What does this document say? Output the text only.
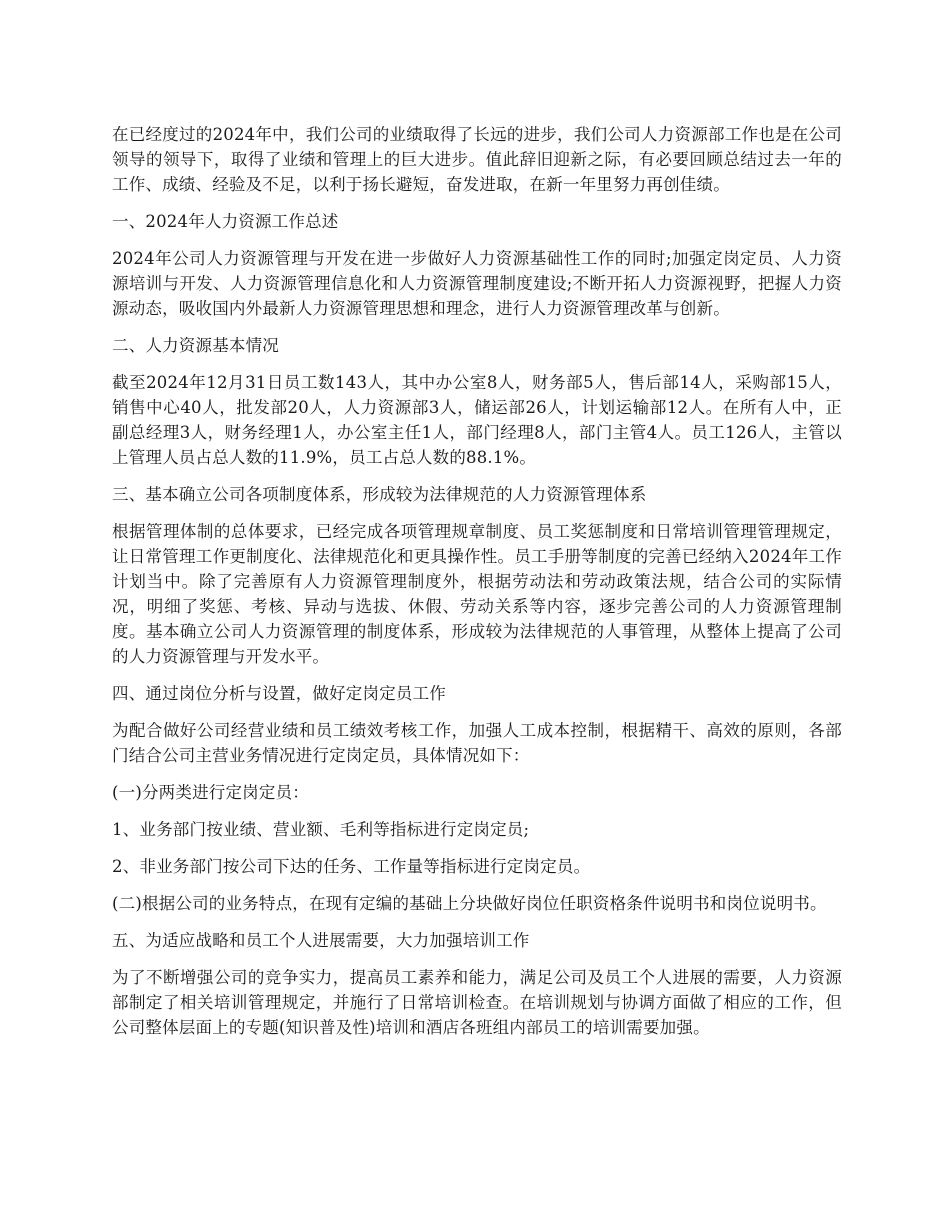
在已经度过的2024年中，我们公司的业绩取得了长远的进步，我们公司人力资源部工作也是在公司领导的领导下，取得了业绩和管理上的巨大进步。值此辞旧迎新之际，有必要回顾总结过去一年的工作、成绩、经验及不足，以利于扬长避短，奋发进取，在新一年里努力再创佳绩。

一、2024年人力资源工作总述

2024年公司人力资源管理与开发在进一步做好人力资源基础性工作的同时;加强定岗定员、人力资源培训与开发、人力资源管理信息化和人力资源管理制度建设;不断开拓人力资源视野，把握人力资源动态，吸收国内外最新人力资源管理思想和理念，进行人力资源管理改革与创新。

二、人力资源基本情况

截至2024年12月31日员工数143人，其中办公室8人，财务部5人，售后部14人，采购部15人，销售中心40人，批发部20人，人力资源部3人，储运部26人，计划运输部12人。在所有人中，正副总经理3人，财务经理1人，办公室主任1人，部门经理8人，部门主管4人。员工126人，主管以上管理人员占总人数的11.9%，员工占总人数的88.1%。

三、基本确立公司各项制度体系，形成较为法律规范的人力资源管理体系

根据管理体制的总体要求，已经完成各项管理规章制度、员工奖惩制度和日常培训管理管理规定，让日常管理工作更制度化、法律规范化和更具操作性。员工手册等制度的完善已经纳入2024年工作计划当中。除了完善原有人力资源管理制度外，根据劳动法和劳动政策法规，结合公司的实际情况，明细了奖惩、考核、异动与选拔、休假、劳动关系等内容，逐步完善公司的人力资源管理制度。基本确立公司人力资源管理的制度体系，形成较为法律规范的人事管理，从整体上提高了公司的人力资源管理与开发水平。

四、通过岗位分析与设置，做好定岗定员工作

为配合做好公司经营业绩和员工绩效考核工作，加强人工成本控制，根据精干、高效的原则，各部门结合公司主营业务情况进行定岗定员，具体情况如下：

(一)分两类进行定岗定员：

1、业务部门按业绩、营业额、毛利等指标进行定岗定员;

2、非业务部门按公司下达的任务、工作量等指标进行定岗定员。

(二)根据公司的业务特点，在现有定编的基础上分块做好岗位任职资格条件说明书和岗位说明书。

五、为适应战略和员工个人进展需要，大力加强培训工作

为了不断增强公司的竞争实力，提高员工素养和能力，满足公司及员工个人进展的需要，人力资源部制定了相关培训管理规定，并施行了日常培训检查。在培训规划与协调方面做了相应的工作，但公司整体层面上的专题(知识普及性)培训和酒店各班组内部员工的培训需要加强。
